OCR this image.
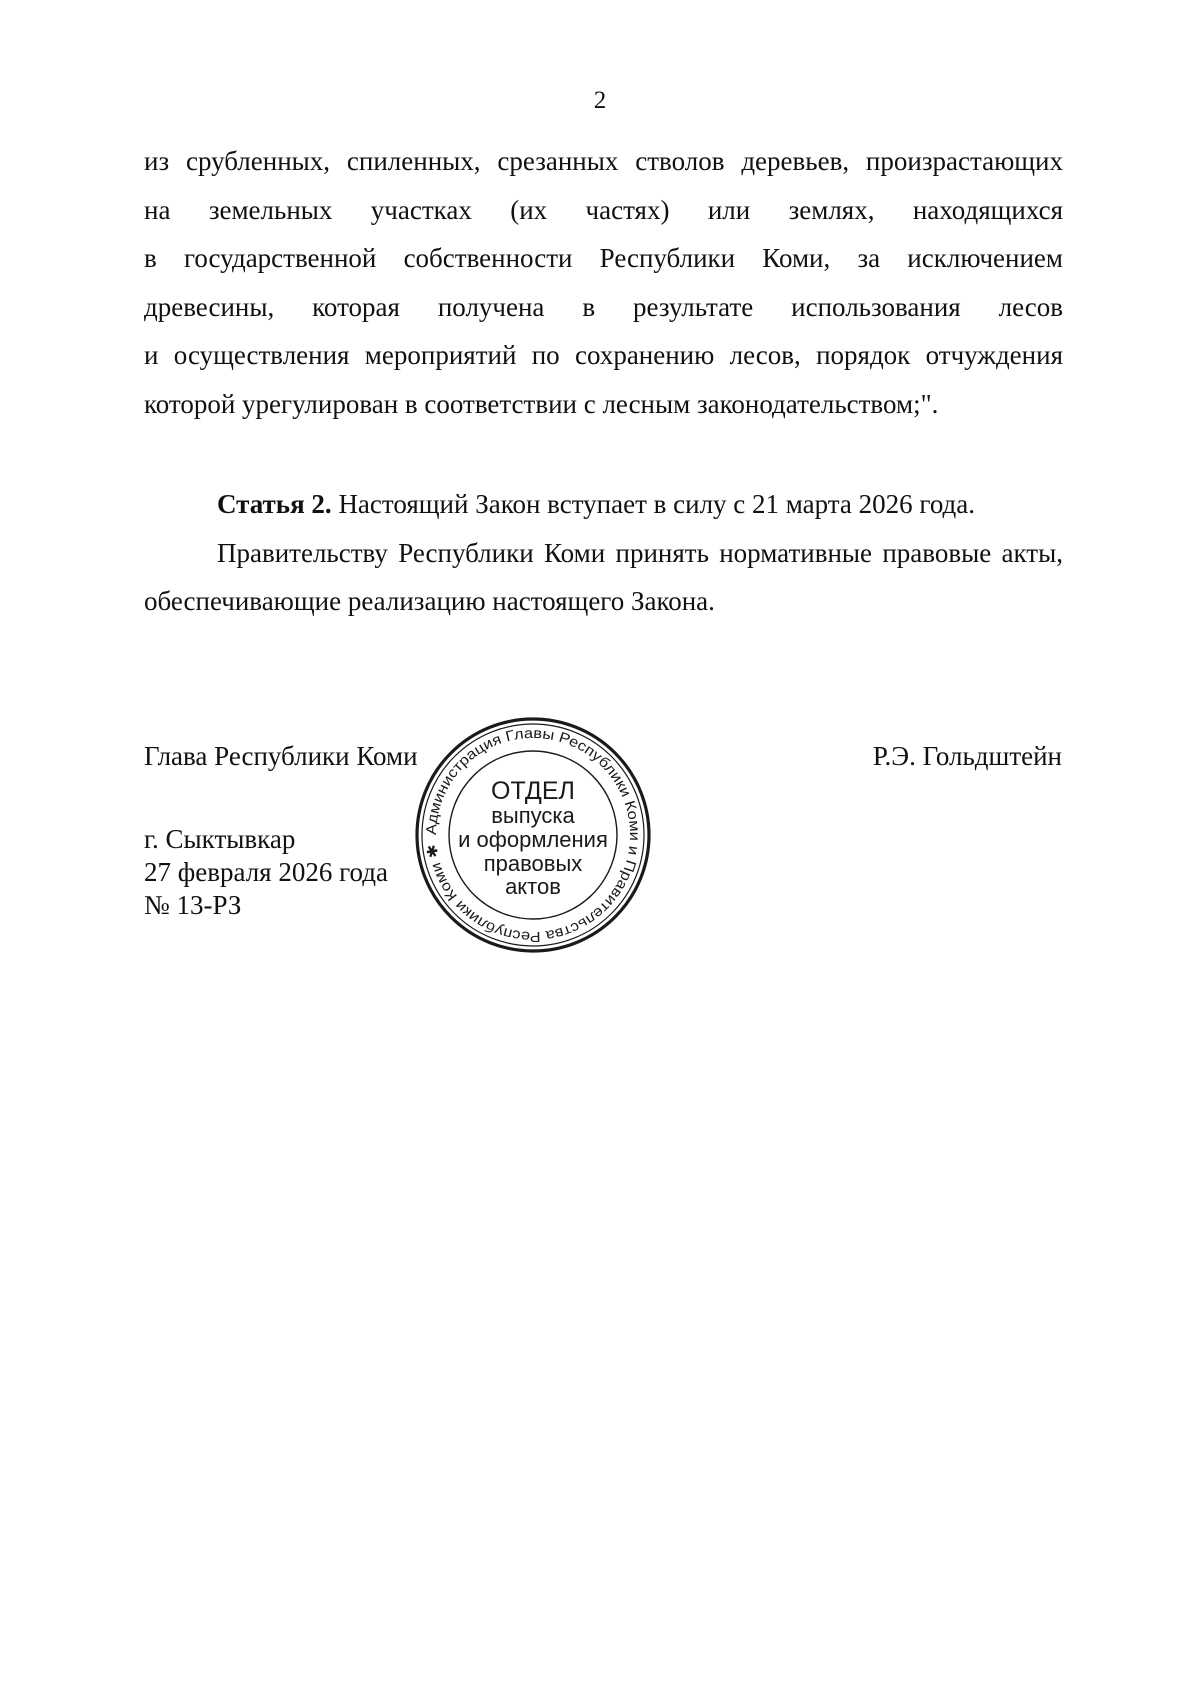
2
из срубленных, спиленных, срезанных стволов деревьев, произрастающих
на земельных участках (их частях) или землях, находящихся
в государственной собственности Республики Коми, за исключением
древесины, которая получена в результате использования лесов
и осуществления мероприятий по сохранению лесов, порядок отчуждения
которой урегулирован в соответствии с лесным законодательством;".

Статья 2. Настоящий Закон вступает в силу с 21 марта 2026 года.

Правительству Республики Коми принять нормативные правовые акты, обеспечивающие реализацию настоящего Закона.

Глава Республики Коми	Р.Э. Гольдштейн
г. Сыктывкар
27 февраля 2026 года
№ 13-РЗ
Администрация Главы Республики Коми и Правительства Республики Коми ✱
ОТДЕЛ
выпуска
и оформления
правовых
актов
